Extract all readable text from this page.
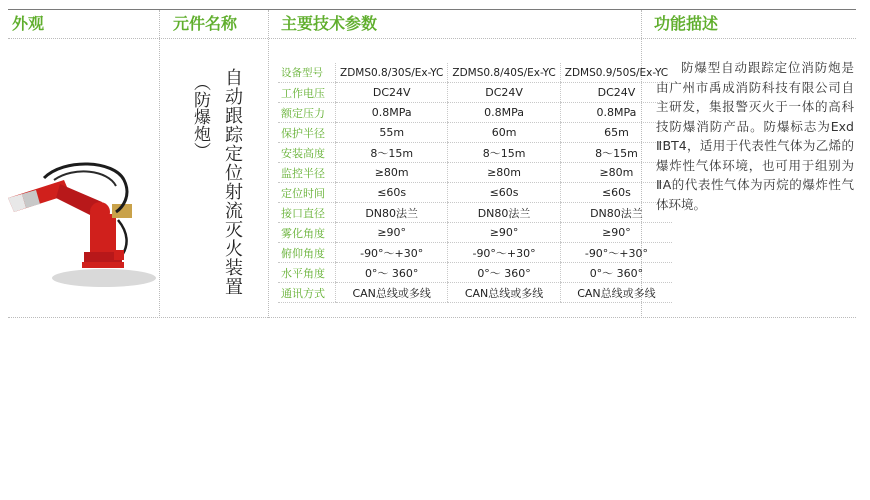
外观	元件名称	主要技术参数	功能描述
自动跟踪定位射流灭火装置
（防爆炮）
设备型号	ZDMS0.8/30S/Ex-YC	ZDMS0.8/40S/Ex-YC	ZDMS0.9/50S/Ex-YC
工作电压	DC24V	DC24V	DC24V
额定压力	0.8MPa	0.8MPa	0.8MPa
保护半径	55m	60m	65m
安装高度	8～15m	8～15m	8～15m
监控半径	≥80m	≥80m	≥80m
定位时间	≤60s	≤60s	≤60s
接口直径	DN80法兰	DN80法兰	DN80法兰
雾化角度	≥90°	≥90°	≥90°
俯仰角度	-90°～+30°	-90°～+30°	-90°～+30°
水平角度	0°～ 360°	0°～ 360°	0°～ 360°
通讯方式	CAN总线或多线	CAN总线或多线	CAN总线或多线
防爆型自动跟踪定位消防炮是由广州市禹成消防科技有限公司自主研发，集报警灭火于一体的高科技防爆消防产品。防爆标志为Exd ⅡBT4，适用于代表性气体为乙烯的爆炸性气体环境，也可用于组别为ⅡA的代表性气体为丙烷的爆炸性气体环境。
